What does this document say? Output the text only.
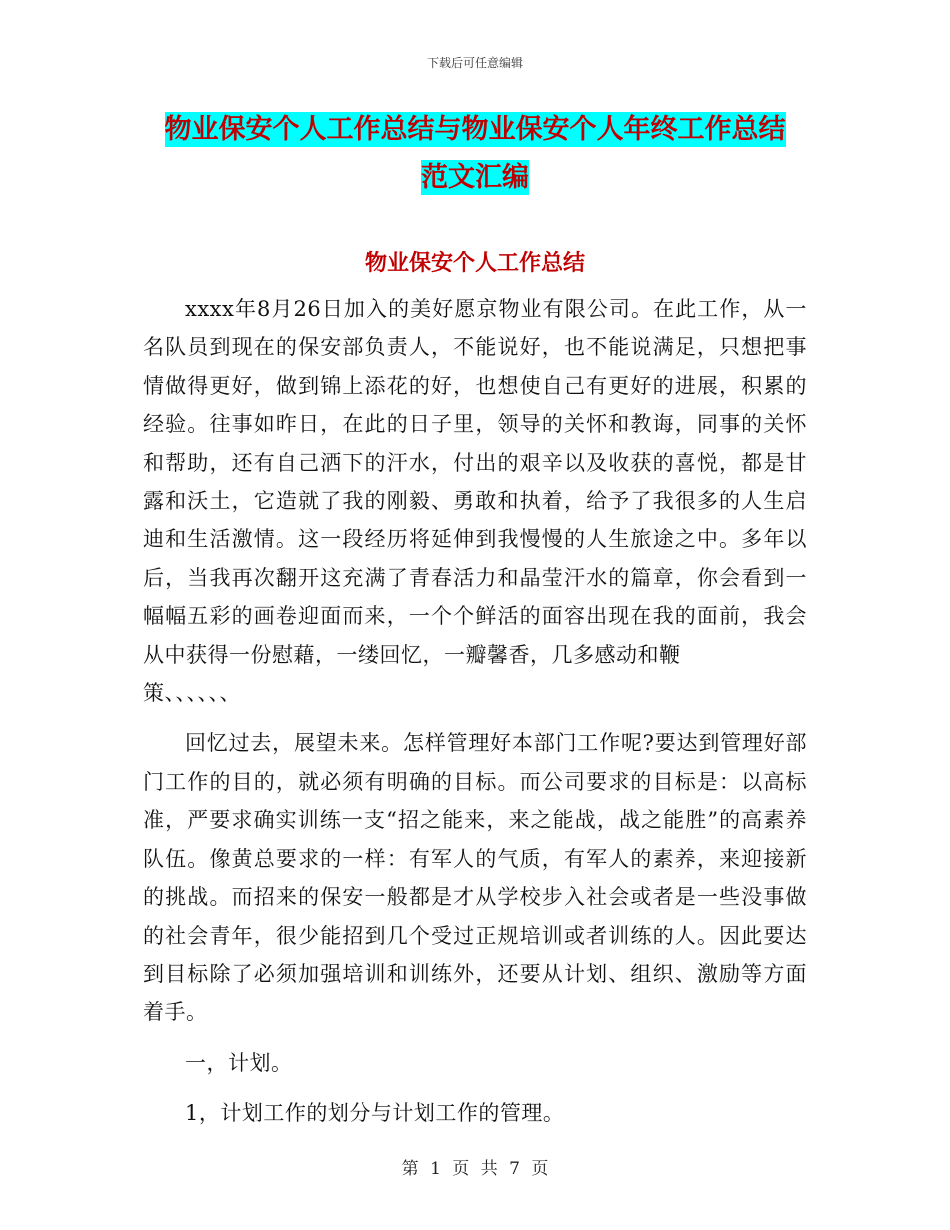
下载后可任意编辑
物业保安个人工作总结与物业保安个人年终工作总结
范文汇编
物业保安个人工作总结

xxxx年8月26日加入的美好愿京物业有限公司。在此工作，从一名队员到现在的保安部负责人，不能说好，也不能说满足，只想把事情做得更好，做到锦上添花的好，也想使自己有更好的进展，积累的经验。往事如昨日，在此的日子里，领导的关怀和教诲，同事的关怀和帮助，还有自己洒下的汗水，付出的艰辛以及收获的喜悦，都是甘露和沃土，它造就了我的刚毅、勇敢和执着，给予了我很多的人生启迪和生活激情。这一段经历将延伸到我慢慢的人生旅途之中。多年以后，当我再次翻开这充满了青春活力和晶莹汗水的篇章，你会看到一幅幅五彩的画卷迎面而来，一个个鲜活的面容出现在我的面前，我会从中获得一份慰藉，一缕回忆，一瓣馨香，几多感动和鞭

策、、、、、、

回忆过去，展望未来。怎样管理好本部门工作呢?要达到管理好部门工作的目的，就必须有明确的目标。而公司要求的目标是：以高标准，严要求确实训练一支“招之能来，来之能战，战之能胜”的高素养队伍。像黄总要求的一样：有军人的气质，有军人的素养，来迎接新的挑战。而招来的保安一般都是才从学校步入社会或者是一些没事做的社会青年，很少能招到几个受过正规培训或者训练的人。因此要达到目标除了必须加强培训和训练外，还要从计划、组织、激励等方面着手。

一，计划。

1，计划工作的划分与计划工作的管理。

第 1 页 共 7 页
